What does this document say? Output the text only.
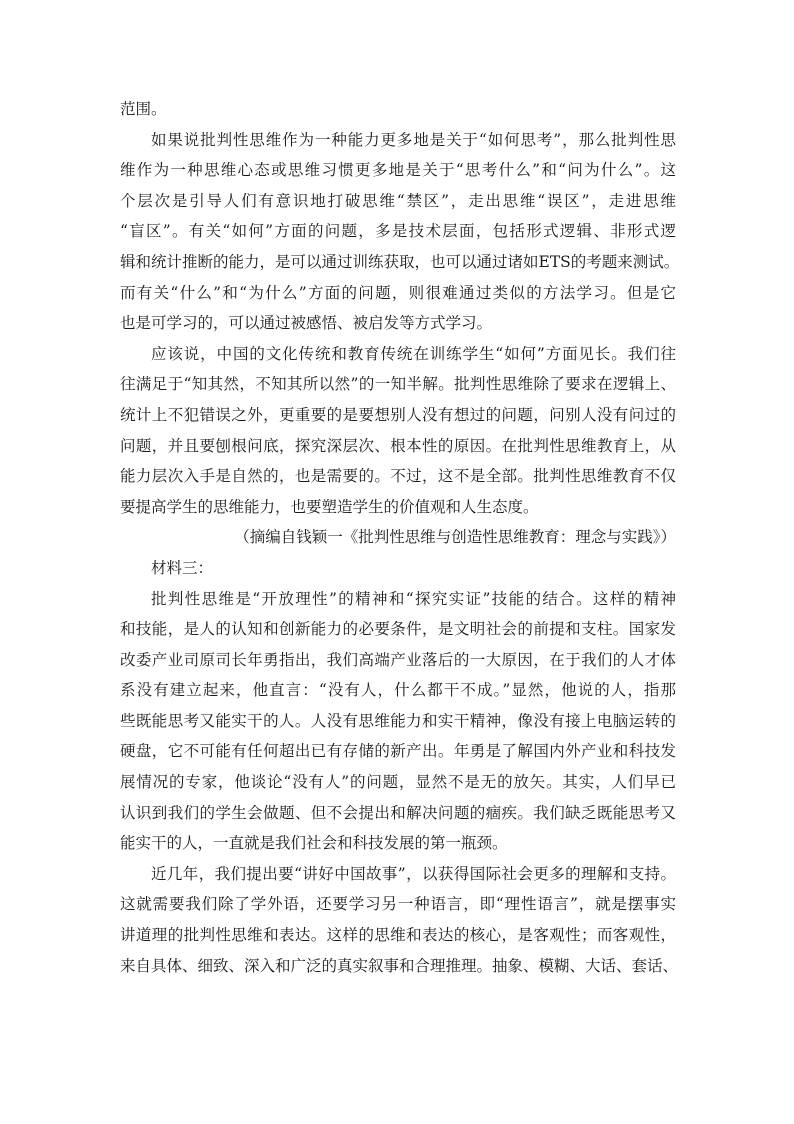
范围。
如果说批判性思维作为一种能力更多地是关于“如何思考”，那么批判性思
维作为一种思维心态或思维习惯更多地是关于“思考什么”和“问为什么”。这
个层次是引导人们有意识地打破思维“禁区”，走出思维“误区”，走进思维
“盲区”。有关“如何”方面的问题，多是技术层面，包括形式逻辑、非形式逻
辑和统计推断的能力，是可以通过训练获取，也可以通过诸如ETS的考题来测试。
而有关“什么”和“为什么”方面的问题，则很难通过类似的方法学习。但是它
也是可学习的，可以通过被感悟、被启发等方式学习。
应该说，中国的文化传统和教育传统在训练学生“如何”方面见长。我们往
往满足于“知其然，不知其所以然”的一知半解。批判性思维除了要求在逻辑上、
统计上不犯错误之外，更重要的是要想别人没有想过的问题，问别人没有问过的
问题，并且要刨根问底，探究深层次、根本性的原因。在批判性思维教育上，从
能力层次入手是自然的，也是需要的。不过，这不是全部。批判性思维教育不仅
要提高学生的思维能力，也要塑造学生的价值观和人生态度。
（摘编自钱颖一《批判性思维与创造性思维教育：理念与实践》）
材料三：
批判性思维是“开放理性”的精神和“探究实证”技能的结合。这样的精神
和技能，是人的认知和创新能力的必要条件，是文明社会的前提和支柱。国家发
改委产业司原司长年勇指出，我们高端产业落后的一大原因，在于我们的人才体
系没有建立起来，他直言：“没有人，什么都干不成。”显然，他说的人，指那
些既能思考又能实干的人。人没有思维能力和实干精神，像没有接上电脑运转的
硬盘，它不可能有任何超出已有存储的新产出。年勇是了解国内外产业和科技发
展情况的专家，他谈论“没有人”的问题，显然不是无的放矢。其实，人们早已
认识到我们的学生会做题、但不会提出和解决问题的痼疾。我们缺乏既能思考又
能实干的人，一直就是我们社会和科技发展的第一瓶颈。
近几年，我们提出要“讲好中国故事”，以获得国际社会更多的理解和支持。
这就需要我们除了学外语，还要学习另一种语言，即“理性语言”，就是摆事实
讲道理的批判性思维和表达。这样的思维和表达的核心，是客观性；而客观性，
来自具体、细致、深入和广泛的真实叙事和合理推理。抽象、模糊、大话、套话、
